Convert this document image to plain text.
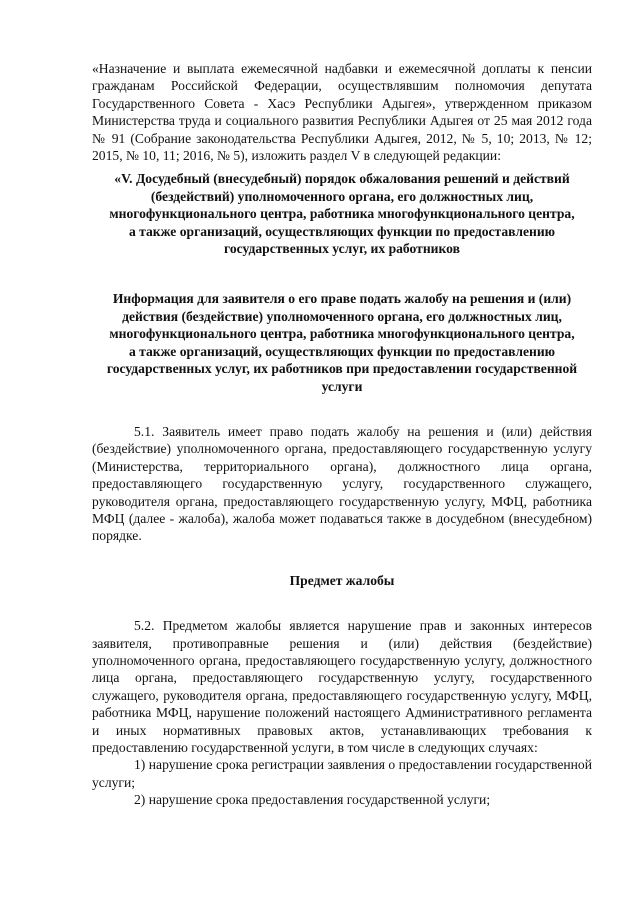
«Назначение и выплата ежемесячной надбавки и ежемесячной доплаты к пенсии гражданам Российской Федерации, осуществлявшим полномочия депутата Государственного Совета - Хасэ Республики Адыгея», утвержденном приказом Министерства труда и социального развития Республики Адыгея от 25 мая 2012 года № 91 (Собрание законодательства Республики Адыгея, 2012, № 5, 10; 2013, № 12; 2015, № 10, 11; 2016, № 5), изложить раздел V в следующей редакции:

«V. Досудебный (внесудебный) порядок обжалования решений и действий (бездействий) уполномоченного органа, его должностных лиц, многофункционального центра, работника многофункционального центра, а также организаций, осуществляющих функции по предоставлению государственных услуг, их работников

Информация для заявителя о его праве подать жалобу на решения и (или) действия (бездействие) уполномоченного органа, его должностных лиц, многофункционального центра, работника многофункционального центра, а также организаций, осуществляющих функции по предоставлению государственных услуг, их работников при предоставлении государственной услуги

5.1. Заявитель имеет право подать жалобу на решения и (или) действия (бездействие) уполномоченного органа, предоставляющего государственную услугу (Министерства, территориального органа), должностного лица органа, предоставляющего государственную услугу, государственного служащего, руководителя органа, предоставляющего государственную услугу, МФЦ, работника МФЦ (далее - жалоба), жалоба может подаваться также в досудебном (внесудебном) порядке.

Предмет жалобы

5.2. Предметом жалобы является нарушение прав и законных интересов заявителя, противоправные решения и (или) действия (бездействие) уполномоченного органа, предоставляющего государственную услугу, должностного лица органа, предоставляющего государственную услугу, государственного служащего, руководителя органа, предоставляющего государственную услугу, МФЦ, работника МФЦ, нарушение положений настоящего Административного регламента и иных нормативных правовых актов, устанавливающих требования к предоставлению государственной услуги, в том числе в следующих случаях:

1) нарушение срока регистрации заявления о предоставлении государственной услуги;

2) нарушение срока предоставления государственной услуги;
